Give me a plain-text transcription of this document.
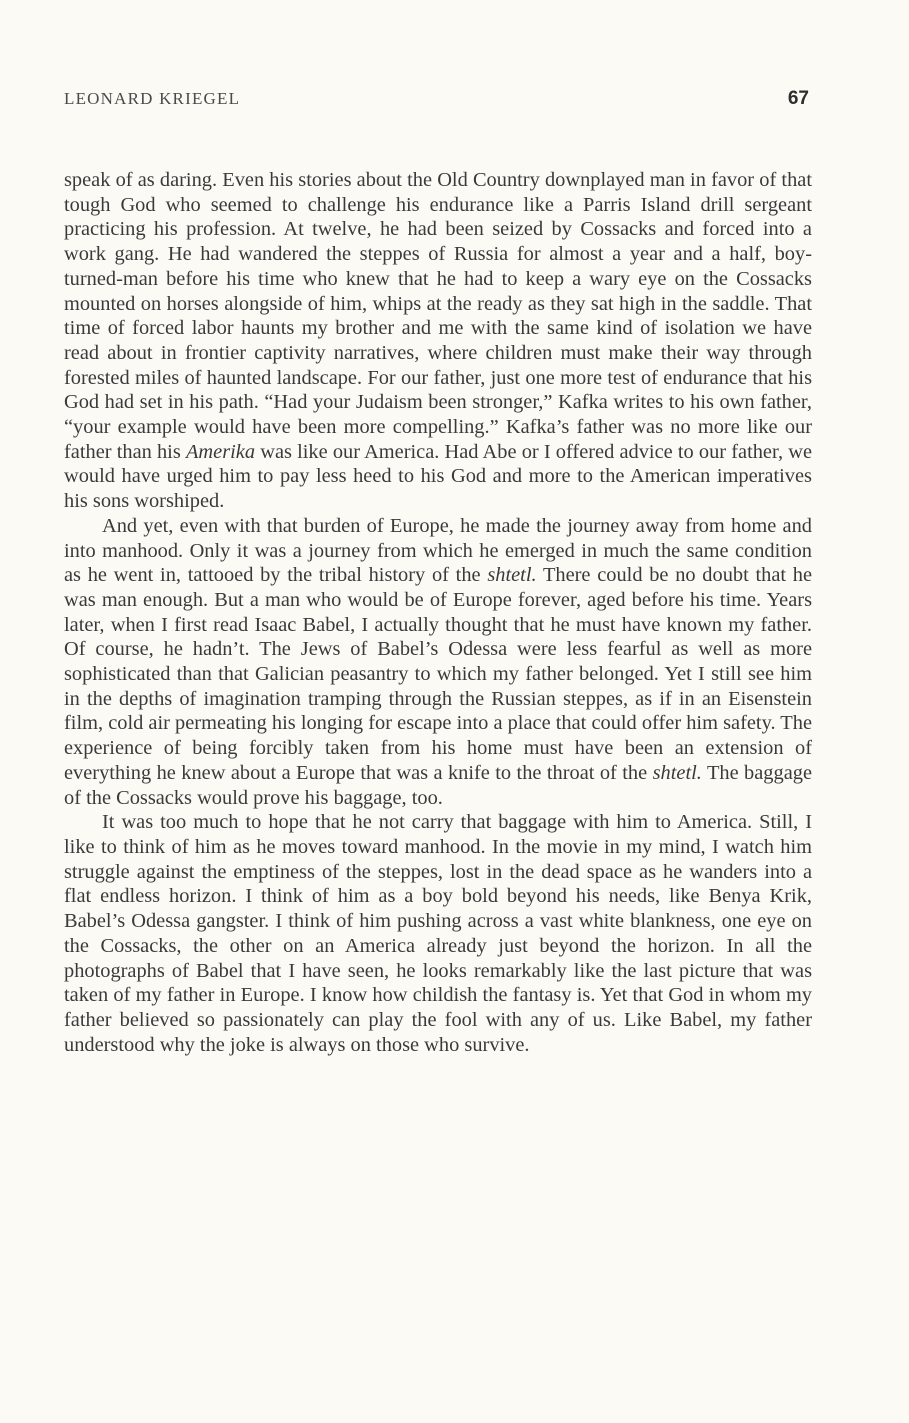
LEONARD KRIEGEL	67

speak of as daring. Even his stories about the Old Country downplayed man in favor of that tough God who seemed to challenge his endurance like a Parris Island drill sergeant practicing his profession. At twelve, he had been seized by Cossacks and forced into a work gang. He had wandered the steppes of Russia for almost a year and a half, boy-turned-man before his time who knew that he had to keep a wary eye on the Cossacks mounted on horses alongside of him, whips at the ready as they sat high in the saddle. That time of forced labor haunts my brother and me with the same kind of isolation we have read about in frontier captivity narratives, where children must make their way through forested miles of haunted landscape. For our father, just one more test of endurance that his God had set in his path. “Had your Judaism been stronger,” Kafka writes to his own father, “your example would have been more compelling.” Kafka’s father was no more like our father than his Amerika was like our America. Had Abe or I offered advice to our father, we would have urged him to pay less heed to his God and more to the American imperatives his sons worshiped.

And yet, even with that burden of Europe, he made the journey away from home and into manhood. Only it was a journey from which he emerged in much the same condition as he went in, tattooed by the tribal history of the shtetl. There could be no doubt that he was man enough. But a man who would be of Europe forever, aged before his time. Years later, when I first read Isaac Babel, I actually thought that he must have known my father. Of course, he hadn’t. The Jews of Babel’s Odessa were less fearful as well as more sophisticated than that Galician peasantry to which my father belonged. Yet I still see him in the depths of imagination tramping through the Russian steppes, as if in an Eisenstein film, cold air permeating his longing for escape into a place that could offer him safety. The experience of being forcibly taken from his home must have been an extension of everything he knew about a Europe that was a knife to the throat of the shtetl. The baggage of the Cossacks would prove his baggage, too.

It was too much to hope that he not carry that baggage with him to America. Still, I like to think of him as he moves toward manhood. In the movie in my mind, I watch him struggle against the emptiness of the steppes, lost in the dead space as he wanders into a flat endless horizon. I think of him as a boy bold beyond his needs, like Benya Krik, Babel’s Odessa gangster. I think of him pushing across a vast white blankness, one eye on the Cossacks, the other on an America already just beyond the horizon. In all the photographs of Babel that I have seen, he looks remarkably like the last picture that was taken of my father in Europe. I know how childish the fantasy is. Yet that God in whom my father believed so passionately can play the fool with any of us. Like Babel, my father understood why the joke is always on those who survive.
